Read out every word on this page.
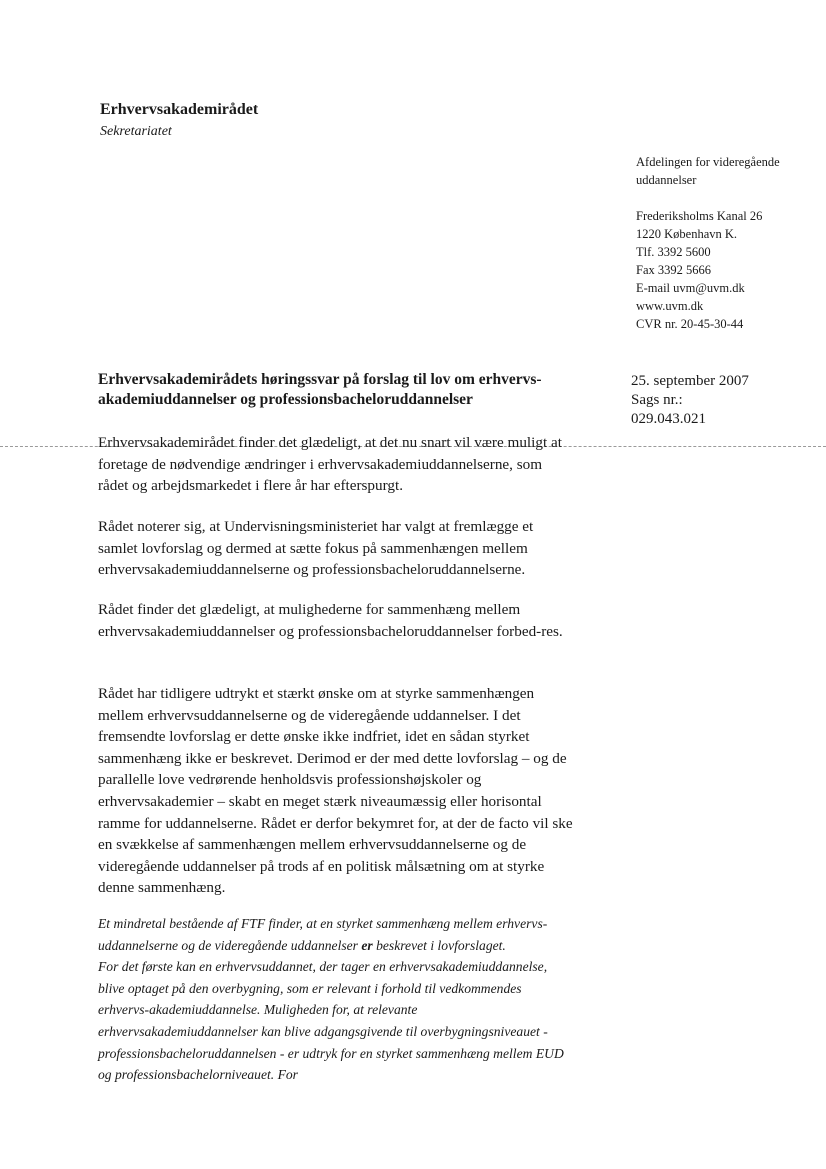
Erhvervsakademirådet
Sekretariatet
Afdelingen for videregående
uddannelser
Frederiksholms Kanal 26
1220 København K.
Tlf. 3392 5600
Fax 3392 5666
E-mail uvm@uvm.dk
www.uvm.dk
CVR nr. 20-45-30-44
Erhvervsakademirådets høringssvar på forslag til lov om erhvervs-akademiuddannelser og professionsbacheloruddannelser
25. september 2007
Sags nr.:
029.043.021
Erhvervsakademirådet finder det glædeligt, at det nu snart vil være muligt at foretage de nødvendige ændringer i erhvervsakademiuddannelserne, som rådet og arbejdsmarkedet i flere år har efterspurgt.
Rådet noterer sig, at Undervisningsministeriet har valgt at fremlægge et samlet lovforslag og dermed at sætte fokus på sammenhængen mellem erhvervsakademiuddannelserne og professionsbacheloruddannelserne.
Rådet finder det glædeligt, at mulighederne for sammenhæng mellem erhvervsakademiuddannelser og professionsbacheloruddannelser forbed-res.
Rådet har tidligere udtrykt et stærkt ønske om at styrke sammenhængen mellem erhvervsuddannelserne og de videregående uddannelser. I det fremsendte lovforslag er dette ønske ikke indfriet, idet en sådan styrket sammenhæng ikke er beskrevet. Derimod er der med dette lovforslag – og de parallelle love vedrørende henholdsvis professionshøjskoler og erhvervsakademier – skabt en meget stærk niveaumæssig eller horisontal ramme for uddannelserne. Rådet er derfor bekymret for, at der de facto vil ske en svækkelse af sammenhængen mellem erhvervsuddannelserne og de videregående uddannelser på trods af en politisk målsætning om at styrke denne sammenhæng.
Et mindretal bestående af FTF finder, at en styrket sammenhæng mellem erhvervs-uddannelserne og de videregående uddannelser er beskrevet i lovforslaget.
For det første kan en erhvervsuddannet, der tager en erhvervsakademiuddannelse, blive optaget på den overbygning, som er relevant i forhold til vedkommendes erhvervs-akademiuddannelse. Muligheden for, at relevante erhvervsakademiuddannelser kan blive adgangsgivende til overbygningsniveauet - professionsbacheloruddannelsen - er udtryk for en styrket sammenhæng mellem EUD og professionsbachelorniveauet. For
